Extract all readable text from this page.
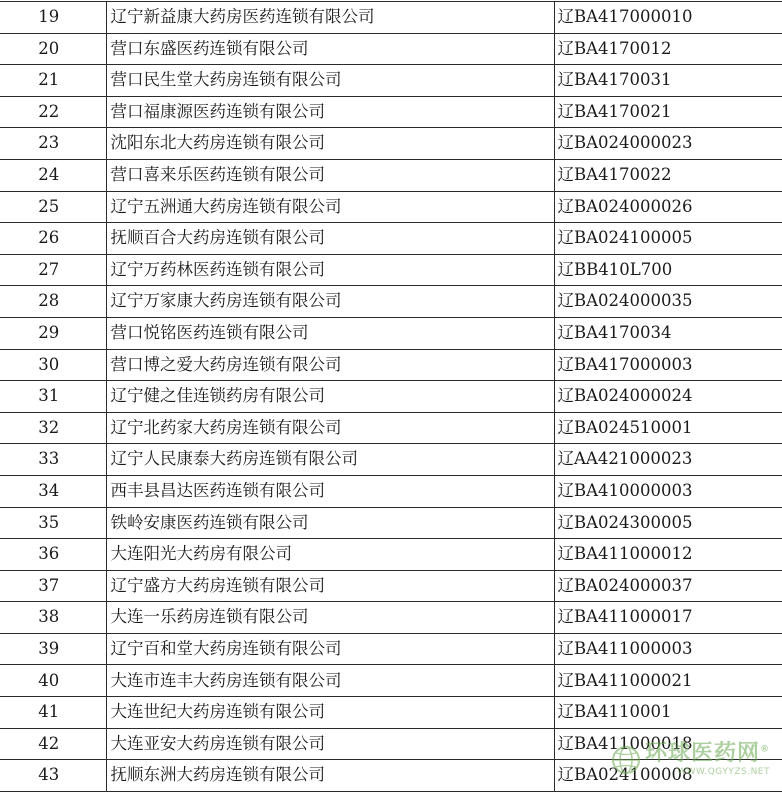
19	辽宁新益康大药房医药连锁有限公司	辽BA417000010
20	营口东盛医药连锁有限公司	辽BA4170012
21	营口民生堂大药房连锁有限公司	辽BA4170031
22	营口福康源医药连锁有限公司	辽BA4170021
23	沈阳东北大药房连锁有限公司	辽BA024000023
24	营口喜来乐医药连锁有限公司	辽BA4170022
25	辽宁五洲通大药房连锁有限公司	辽BA024000026
26	抚顺百合大药房连锁有限公司	辽BA024100005
27	辽宁万药林医药连锁有限公司	辽BB410L700
28	辽宁万家康大药房连锁有限公司	辽BA024000035
29	营口悦铭医药连锁有限公司	辽BA4170034
30	营口博之爱大药房连锁有限公司	辽BA417000003
31	辽宁健之佳连锁药房有限公司	辽BA024000024
32	辽宁北药家大药房连锁有限公司	辽BA024510001
33	辽宁人民康泰大药房连锁有限公司	辽AA421000023
34	西丰县昌达医药连锁有限公司	辽BA410000003
35	铁岭安康医药连锁有限公司	辽BA024300005
36	大连阳光大药房有限公司	辽BA411000012
37	辽宁盛方大药房连锁有限公司	辽BA024000037
38	大连一乐药房连锁有限公司	辽BA411000017
39	辽宁百和堂大药房连锁有限公司	辽BA411000003
40	大连市连丰大药房连锁有限公司	辽BA411000021
41	大连世纪大药房连锁有限公司	辽BA4110001
42	大连亚安大药房连锁有限公司	辽BA411000018
43	抚顺东洲大药房连锁有限公司	辽BA024100008
环球医药网®
WWW.QGYYZS.NET
